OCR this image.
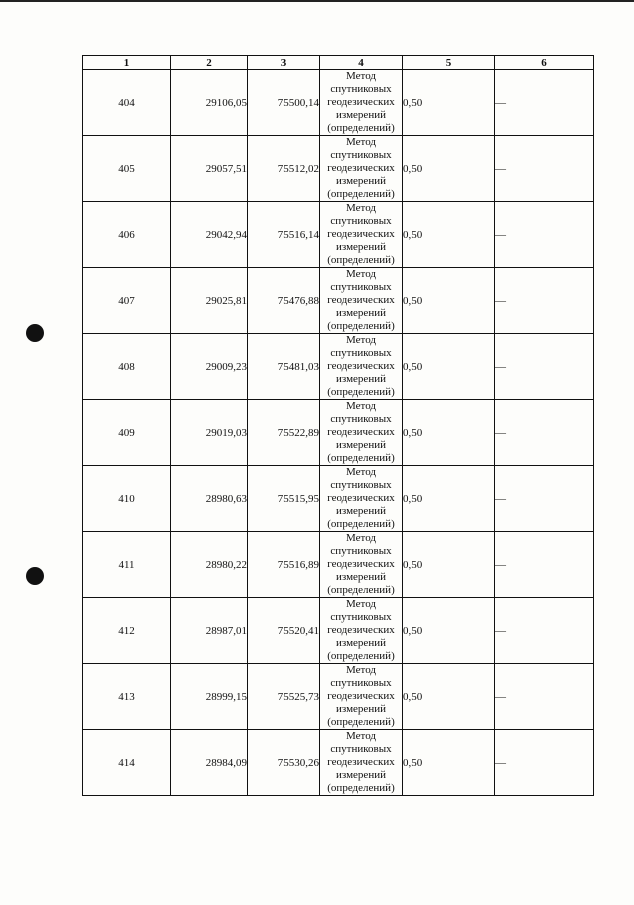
1	2	3	4	5	6
404	29106,05	75500,14	Метод спутниковых геодезических измерений (определений)	0,50	—
405	29057,51	75512,02	Метод спутниковых геодезических измерений (определений)	0,50	—
406	29042,94	75516,14	Метод спутниковых геодезических измерений (определений)	0,50	—
407	29025,81	75476,88	Метод спутниковых геодезических измерений (определений)	0,50	—
408	29009,23	75481,03	Метод спутниковых геодезических измерений (определений)	0,50	—
409	29019,03	75522,89	Метод спутниковых геодезических измерений (определений)	0,50	—
410	28980,63	75515,95	Метод спутниковых геодезических измерений (определений)	0,50	—
411	28980,22	75516,89	Метод спутниковых геодезических измерений (определений)	0,50	—
412	28987,01	75520,41	Метод спутниковых геодезических измерений (определений)	0,50	—
413	28999,15	75525,73	Метод спутниковых геодезических измерений (определений)	0,50	—
414	28984,09	75530,26	Метод спутниковых геодезических измерений (определений)	0,50	—
